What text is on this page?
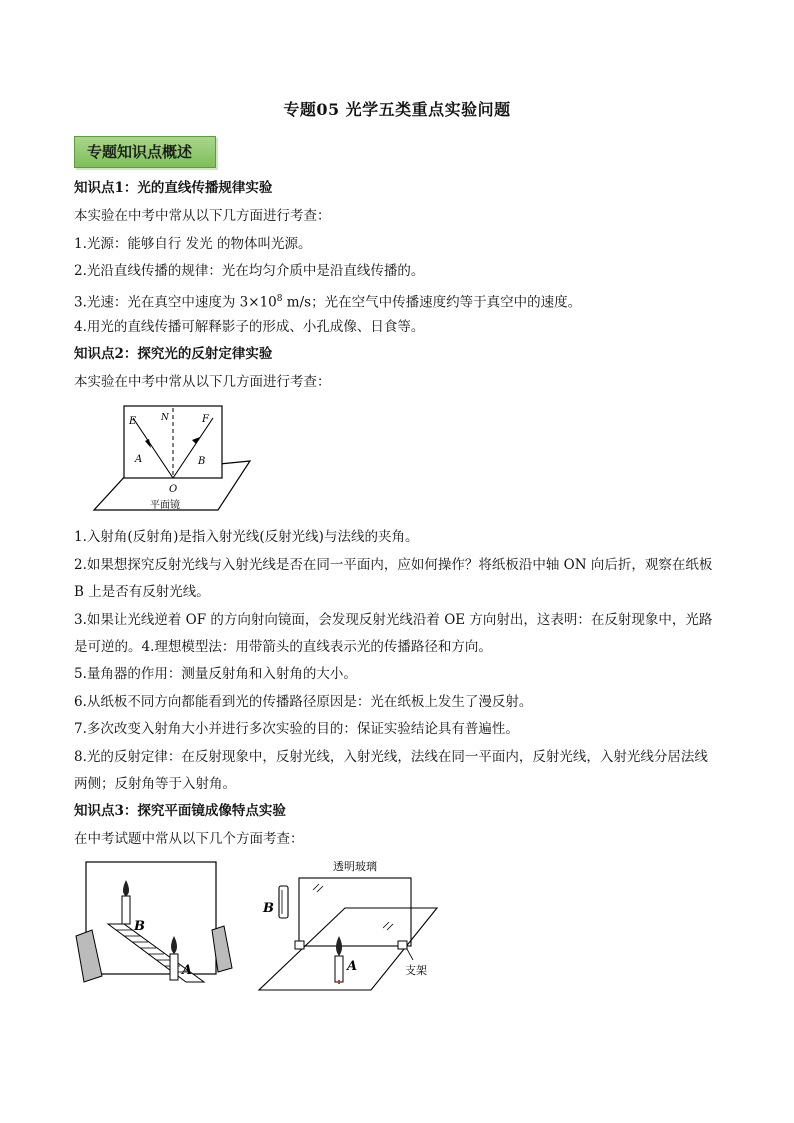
专题05 光学五类重点实验问题
专题知识点概述
知识点1：光的直线传播规律实验
本实验在中考中常从以下几方面进行考查：
1.光源：能够自行 发光 的物体叫光源。
2.光沿直线传播的规律：光在均匀介质中是沿直线传播的。
3.光速：光在真空中速度为 $3\times 10^8$ m/s；光在空气中传播速度约等于真空中的速度。
4.用光的直线传播可解释影子的形成、小孔成像、日食等。
知识点2：探究光的反射定律实验
本实验在中考中常从以下几方面进行考查：
E	N	F
A	B
O
平面镜
1.入射角(反射角)是指入射光线(反射光线)与法线的夹角。
2.如果想探究反射光线与入射光线是否在同一平面内，应如何操作？将纸板沿中轴 ON 向后折，观察在纸板
B 上是否有反射光线。
3.如果让光线逆着 OF 的方向射向镜面，会发现反射光线沿着 OE 方向射出，这表明：在反射现象中，光路
是可逆的。4.理想模型法：用带箭头的直线表示光的传播路径和方向。
5.量角器的作用：测量反射角和入射角的大小。
6.从纸板不同方向都能看到光的传播路径原因是：光在纸板上发生了漫反射。
7.多次改变入射角大小并进行多次实验的目的：保证实验结论具有普遍性。
8.光的反射定律：在反射现象中，反射光线，入射光线，法线在同一平面内，反射光线，入射光线分居法线
两侧；反射角等于入射角。
知识点3：探究平面镜成像特点实验
在中考试题中常从以下几个方面考查：
B
A
透明玻璃
B
A	支架
